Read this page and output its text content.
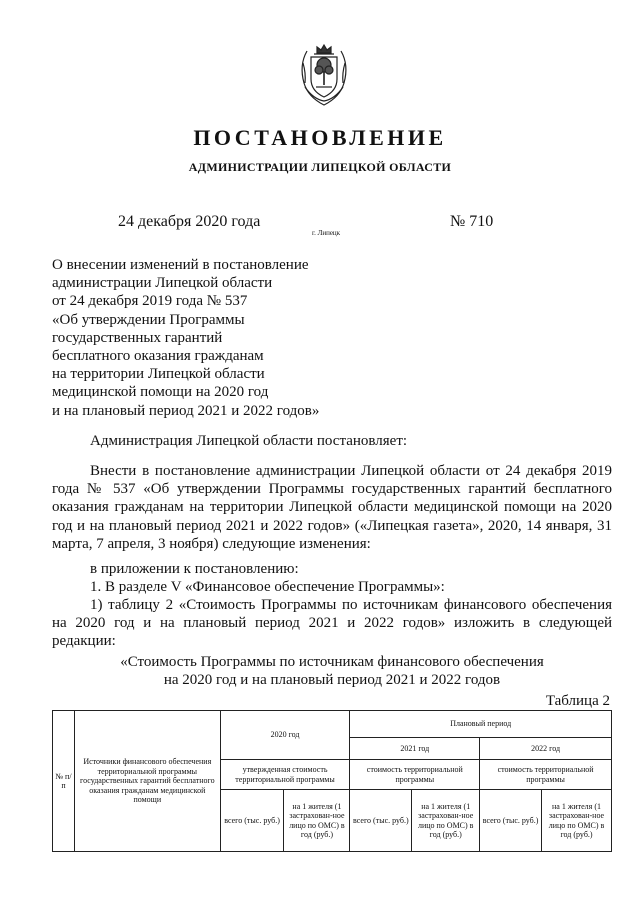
ПОСТАНОВЛЕНИЕ
АДМИНИСТРАЦИИ ЛИПЕЦКОЙ ОБЛАСТИ
24 декабря 2020 года
г. Липецк
№ 710
О внесении изменений в постановление
администрации Липецкой области
от 24 декабря 2019 года № 537
«Об утверждении Программы
государственных гарантий
бесплатного оказания гражданам
на территории Липецкой области
медицинской помощи на 2020 год
и на плановый период 2021 и 2022 годов»
Администрация Липецкой области постановляет:
Внести в постановление администрации Липецкой области от 24 декабря 2019 года № 537 «Об утверждении Программы государственных гарантий бесплатного оказания гражданам на территории Липецкой области медицинской помощи на 2020 год и на плановый период 2021 и 2022 годов» («Липецкая газета», 2020, 14 января, 31 марта, 7 апреля, 3 ноября) следующие изменения:
в приложении к постановлению:
1. В разделе V «Финансовое обеспечение Программы»:
1) таблицу 2 «Стоимость Программы по источникам финансового обеспечения на 2020 год и на плановый период 2021 и 2022 годов» изложить в следующей редакции:
«Стоимость Программы по источникам финансового обеспечения
на 2020 год и на плановый период 2021 и 2022 годов
Таблица 2
№ п/п	Источники финансового обеспечения территориальной программы государственных гарантий бесплатного оказания гражданам медицинской помощи	2020 год		Плановый период			
				2021 год		2022 год	
		утвержденная стоимость территориальной программы		стоимость территориальной программы		стоимость территориальной программы	
		всего (тыс. руб.)	на 1 жителя (1 застрахован-ное лицо по ОМС) в год (руб.)	всего (тыс. руб.)	на 1 жителя (1 застрахован-ное лицо по ОМС) в год (руб.)	всего (тыс. руб.)	на 1 жителя (1 застрахован-ное лицо по ОМС) в год (руб.)
